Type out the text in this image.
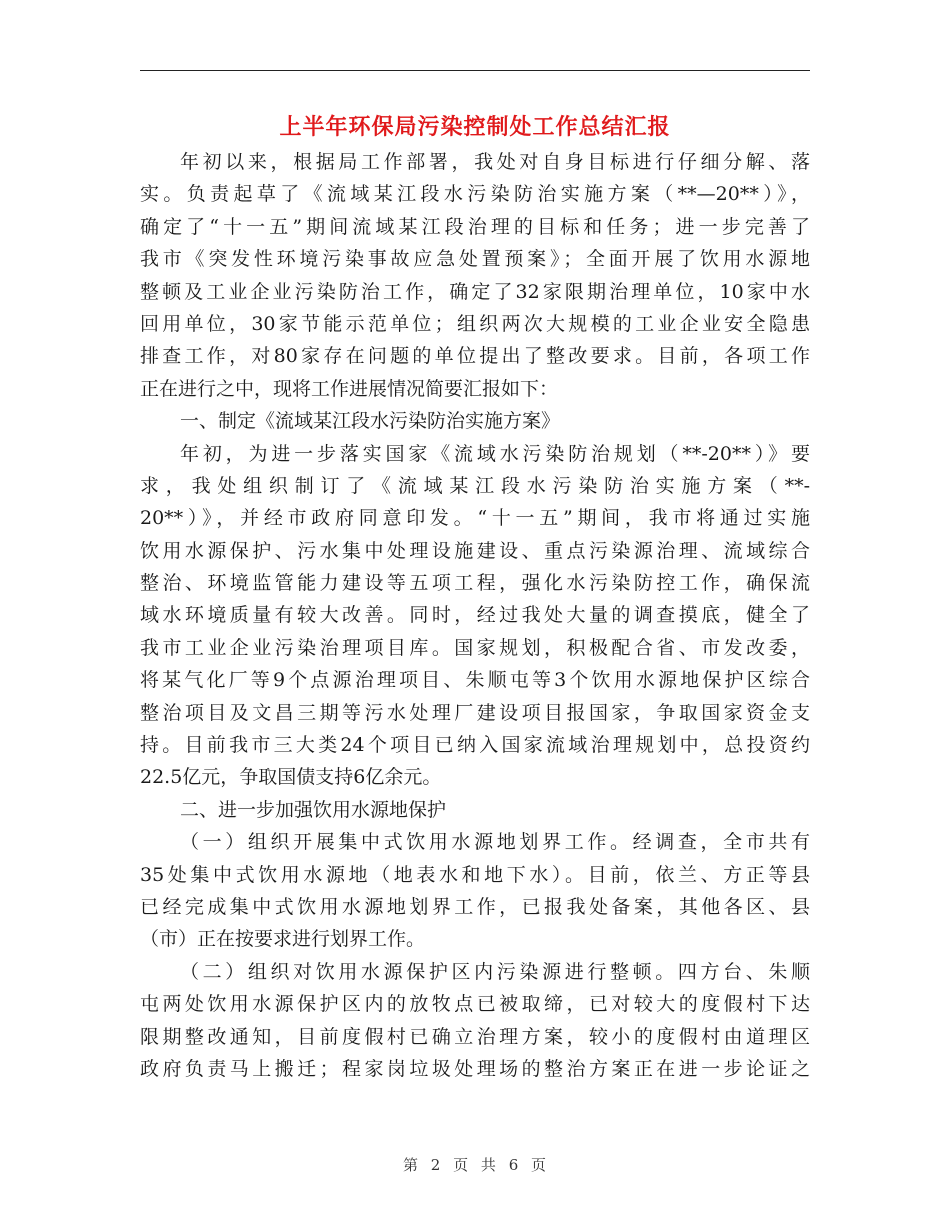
上半年环保局污染控制处工作总结汇报
年初以来，根据局工作部署，我处对自身目标进行仔细分解、落
实。负责起草了《流域某江段水污染防治实施方案（**—20**）》，
确定了“十一五”期间流域某江段治理的目标和任务；进一步完善了
我市《突发性环境污染事故应急处置预案》；全面开展了饮用水源地
整顿及工业企业污染防治工作，确定了32家限期治理单位，10家中水
回用单位，30家节能示范单位；组织两次大规模的工业企业安全隐患
排查工作，对80家存在问题的单位提出了整改要求。目前，各项工作
正在进行之中，现将工作进展情况简要汇报如下：
一、制定《流域某江段水污染防治实施方案》
年初，为进一步落实国家《流域水污染防治规划（**-20**）》要
求，我处组织制订了《流域某江段水污染防治实施方案（**-
20**）》，并经市政府同意印发。“十一五”期间，我市将通过实施
饮用水源保护、污水集中处理设施建设、重点污染源治理、流域综合
整治、环境监管能力建设等五项工程，强化水污染防控工作，确保流
域水环境质量有较大改善。同时，经过我处大量的调查摸底，健全了
我市工业企业污染治理项目库。国家规划，积极配合省、市发改委，
将某气化厂等9个点源治理项目、朱顺屯等3个饮用水源地保护区综合
整治项目及文昌三期等污水处理厂建设项目报国家，争取国家资金支
持。目前我市三大类24个项目已纳入国家流域治理规划中，总投资约
22.5亿元，争取国债支持6亿余元。
二、进一步加强饮用水源地保护
（一）组织开展集中式饮用水源地划界工作。经调查，全市共有
35处集中式饮用水源地（地表水和地下水）。目前，依兰、方正等县
已经完成集中式饮用水源地划界工作，已报我处备案，其他各区、县
（市）正在按要求进行划界工作。
（二）组织对饮用水源保护区内污染源进行整顿。四方台、朱顺
屯两处饮用水源保护区内的放牧点已被取缔，已对较大的度假村下达
限期整改通知，目前度假村已确立治理方案，较小的度假村由道理区
政府负责马上搬迁；程家岗垃圾处理场的整治方案正在进一步论证之
第 2 页 共 6 页
